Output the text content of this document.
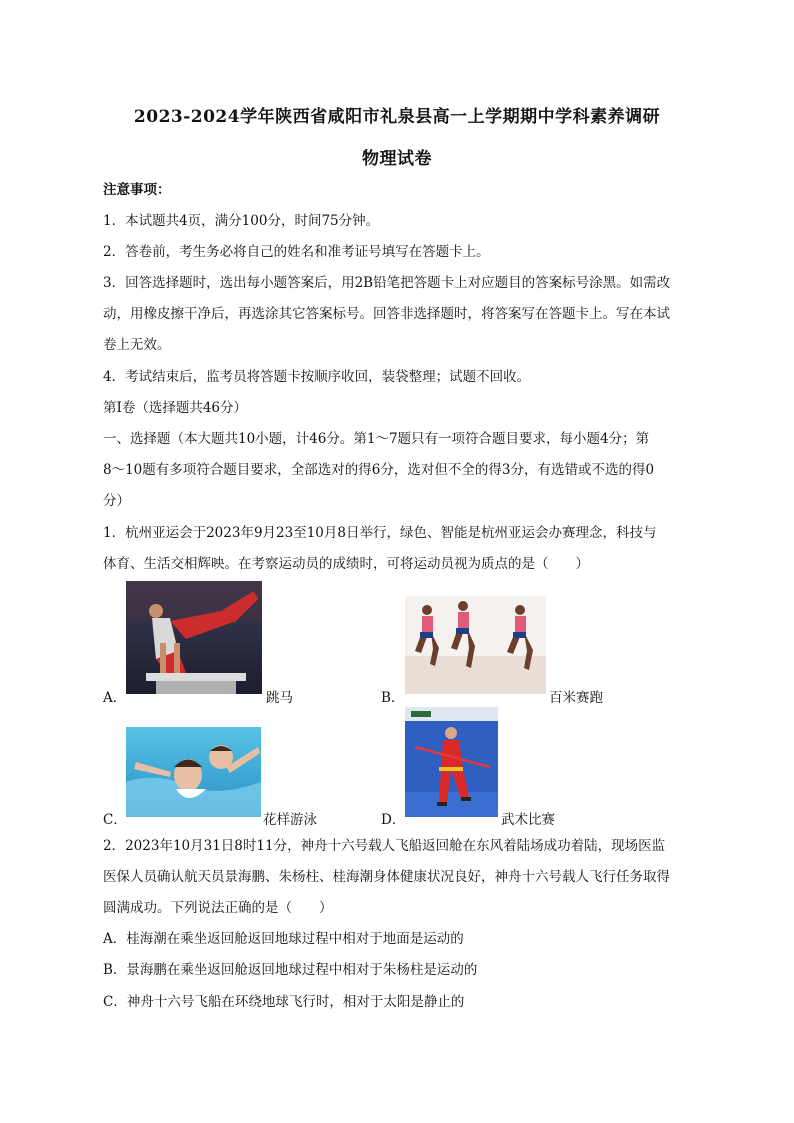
2023-2024学年陕西省咸阳市礼泉县高一上学期期中学科素养调研
物理试卷
注意事项：
1．本试题共4页，满分100分，时间75分钟。
2．答卷前，考生务必将自己的姓名和准考证号填写在答题卡上。
3．回答选择题时，选出每小题答案后，用2B铅笔把答题卡上对应题目的答案标号涂黑。如需改
动，用橡皮擦干净后，再选涂其它答案标号。回答非选择题时，将答案写在答题卡上。写在本试
卷上无效。
4．考试结束后，监考员将答题卡按顺序收回，装袋整理；试题不回收。
第Ⅰ卷（选择题共46分）
一、选择题（本大题共10小题，计46分。第1～7题只有一项符合题目要求，每小题4分；第
8～10题有多项符合题目要求，全部选对的得6分，选对但不全的得3分，有选错或不选的得0
分）
1．杭州亚运会于2023年9月23至10月8日举行，绿色、智能是杭州亚运会办赛理念，科技与
体育、生活交相辉映。在考察运动员的成绩时，可将运动员视为质点的是（　　）
A．	跳马	B．	百米赛跑
C．	花样游泳	D．	武术比赛
2．2023年10月31日8时11分，神舟十六号载人飞船返回舱在东风着陆场成功着陆，现场医监
医保人员确认航天员景海鹏、朱杨柱、桂海潮身体健康状况良好，神舟十六号载人飞行任务取得
圆满成功。下列说法正确的是（　　）
A．桂海潮在乘坐返回舱返回地球过程中相对于地面是运动的
B．景海鹏在乘坐返回舱返回地球过程中相对于朱杨柱是运动的
C．神舟十六号飞船在环绕地球飞行时，相对于太阳是静止的
